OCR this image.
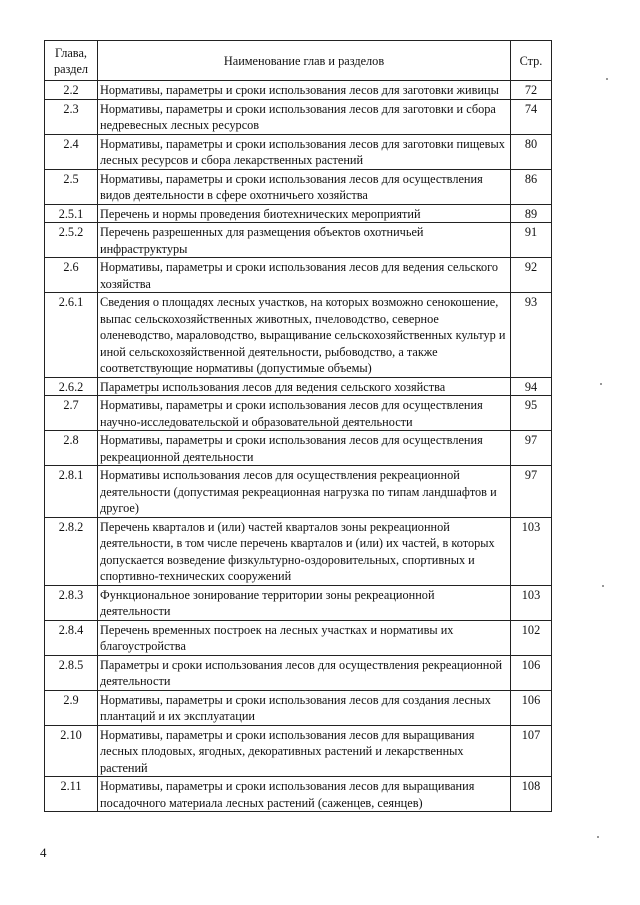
Глава, раздел	Наименование глав и разделов	Стр.
2.2	Нормативы, параметры и сроки использования лесов для заготовки живицы	72
2.3	Нормативы, параметры и сроки использования лесов для заготовки и сбора недревесных лесных ресурсов	74
2.4	Нормативы, параметры и сроки использования лесов для заготовки пищевых лесных ресурсов и сбора лекарственных растений	80
2.5	Нормативы, параметры и сроки использования лесов для осуществления видов деятельности в сфере охотничьего хозяйства	86
2.5.1	Перечень и нормы проведения биотехнических мероприятий	89
2.5.2	Перечень разрешенных для размещения объектов охотничьей инфраструктуры	91
2.6	Нормативы, параметры и сроки использования лесов для ведения сельского хозяйства	92
2.6.1	Сведения о площадях лесных участков, на которых возможно сенокошение, выпас сельскохозяйственных животных, пчеловодство, северное оленеводство, мараловодство, выращивание сельскохозяйственных культур и иной сельскохозяйственной деятельности, рыбоводство, а также соответствующие нормативы (допустимые объемы)	93
2.6.2	Параметры использования лесов для ведения сельского хозяйства	94
2.7	Нормативы, параметры и сроки использования лесов для осуществления научно-исследовательской и образовательной деятельности	95
2.8	Нормативы, параметры и сроки использования лесов для осуществления рекреационной деятельности	97
2.8.1	Нормативы использования лесов для осуществления рекреационной деятельности (допустимая рекреационная нагрузка по типам ландшафтов и другое)	97
2.8.2	Перечень кварталов и (или) частей кварталов зоны рекреационной деятельности, в том числе перечень кварталов и (или) их частей, в которых допускается возведение физкультурно-оздоровительных, спортивных и спортивно-технических сооружений	103
2.8.3	Функциональное зонирование территории зоны рекреационной деятельности	103
2.8.4	Перечень временных построек на лесных участках и нормативы их благоустройства	102
2.8.5	Параметры и сроки использования лесов для осуществления рекреационной деятельности	106
2.9	Нормативы, параметры и сроки использования лесов для создания лесных плантаций и их эксплуатации	106
2.10	Нормативы, параметры и сроки использования лесов для выращивания лесных плодовых, ягодных, декоративных растений и лекарственных растений	107
2.11	Нормативы, параметры и сроки использования лесов для выращивания посадочного материала лесных растений (саженцев, сеянцев)	108
4
